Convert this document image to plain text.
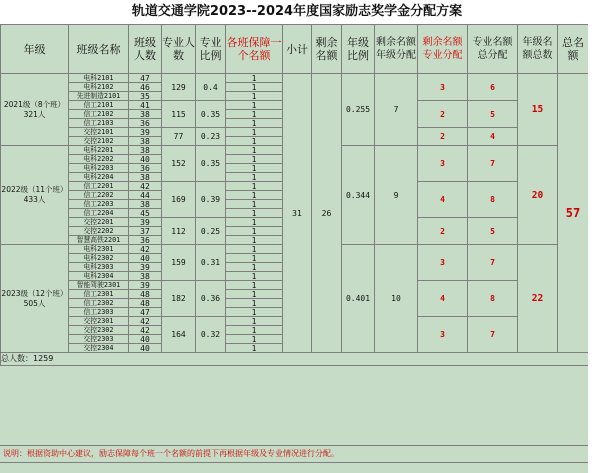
轨道交通学院2023--2024年度国家励志奖学金分配方案
年级	班级名称	班级人数	专业人数	专业比例	各班保障一个名额	小计	剩余名额	年级比例	剩余名额年级分配	剩余名额专业分配	专业名额总分配	年级名额总数	总名额
2021级（8个班）321人	电科2101	47	129	0.4	1	31	26	0.255	7	3	6	15	57
	电科2102	46			1								
	先进制造2101	35			1								
	信工2101	41	115	0.35	1					2	5		
	信工2102	38			1								
	信工2103	36			1								
	交控2101	39	77	0.23	1					2	4		
	交控2102	38			1								
2022级（11个班）433人	电科2201	38	152	0.35	1			0.344	9	3	7	20	
	电科2202	40			1								
	电科2203	36			1								
	电科2204	38			1								
	信工2201	42	169	0.39	1					4	8		
	信工2202	44			1								
	信工2203	38			1								
	信工2204	45			1								
	交控2201	39	112	0.25	1					2	5		
	交控2202	37			1								
	智慧高铁2201	36			1								
2023级（12个班）505人	电科2301	42	159	0.31	1			0.401	10	3	7	22	
	电科2302	40			1								
	电科2303	39			1								
	电科2304	38			1								
	智能驾驶2301	39	182	0.36	1					4	8		
	信工2301	48			1								
	信工2302	48			1								
	信工2303	47			1								
	交控2301	42	164	0.32	1					3	7		
	交控2302	42			1								
	交控2303	40			1								
	交控2304	40			1								
总人数：1259													
说明：根据资助中心建议，励志保障每个班一个名额的前提下再根据年级及专业情况进行分配。
